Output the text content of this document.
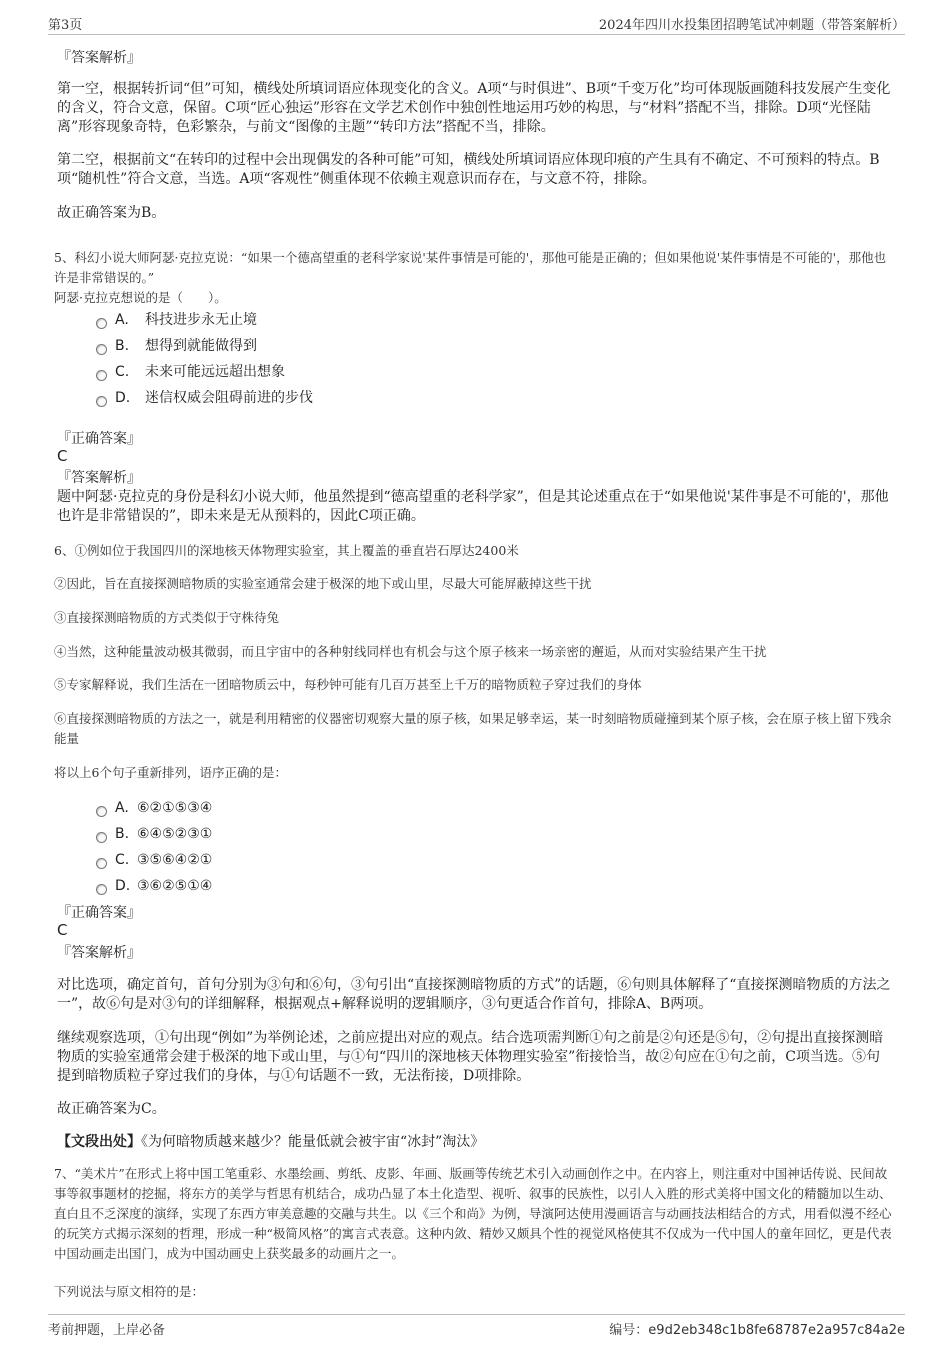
第3页	2024年四川水投集团招聘笔试冲刺题（带答案解析）
『答案解析』
第一空，根据转折词“但”可知，横线处所填词语应体现变化的含义。A项“与时俱进”、B项“千变万化”均可体现版画随科技发展产生变化的含义，符合文意，保留。C项“匠心独运”形容在文学艺术创作中独创性地运用巧妙的构思，与“材料”搭配不当，排除。D项“光怪陆离”形容现象奇特，色彩繁杂，与前文“图像的主题”“转印方法”搭配不当，排除。
第二空，根据前文“在转印的过程中会出现偶发的各种可能”可知，横线处所填词语应体现印痕的产生具有不确定、不可预料的特点。B项“随机性”符合文意，当选。A项“客观性”侧重体现不依赖主观意识而存在，与文意不符，排除。
故正确答案为B。
5、科幻小说大师阿瑟·克拉克说：“如果一个德高望重的老科学家说'某件事情是可能的'，那他可能是正确的；但如果他说'某件事情是不可能的'，那他也许是非常错误的。”
阿瑟·克拉克想说的是（　　）。
A.	科技进步永无止境
B.	想得到就能做得到
C.	未来可能远远超出想象
D.	迷信权威会阻碍前进的步伐
『正确答案』
C
『答案解析』
题中阿瑟·克拉克的身份是科幻小说大师，他虽然提到“德高望重的老科学家”，但是其论述重点在于“如果他说'某件事是不可能的'，那他也许是非常错误的”，即未来是无从预料的，因此C项正确。
6、①例如位于我国四川的深地核天体物理实验室，其上覆盖的垂直岩石厚达2400米
②因此，旨在直接探测暗物质的实验室通常会建于极深的地下或山里，尽最大可能屏蔽掉这些干扰
③直接探测暗物质的方式类似于守株待兔
④当然，这种能量波动极其微弱，而且宇宙中的各种射线同样也有机会与这个原子核来一场亲密的邂逅，从而对实验结果产生干扰
⑤专家解释说，我们生活在一团暗物质云中，每秒钟可能有几百万甚至上千万的暗物质粒子穿过我们的身体
⑥直接探测暗物质的方法之一，就是利用精密的仪器密切观察大量的原子核，如果足够幸运，某一时刻暗物质碰撞到某个原子核，会在原子核上留下残余能量
将以上6个句子重新排列，语序正确的是：
A. ⑥②①⑤③④
B. ⑥④⑤②③①
C. ③⑤⑥④②①
D. ③⑥②⑤①④
『正确答案』
C
『答案解析』
对比选项，确定首句，首句分别为③句和⑥句，③句引出“直接探测暗物质的方式”的话题，⑥句则具体解释了“直接探测暗物质的方法之一”，故⑥句是对③句的详细解释，根据观点+解释说明的逻辑顺序，③句更适合作首句，排除A、B两项。
继续观察选项，①句出现“例如”为举例论述，之前应提出对应的观点。结合选项需判断①句之前是②句还是⑤句，②句提出直接探测暗物质的实验室通常会建于极深的地下或山里，与①句“四川的深地核天体物理实验室”衔接恰当，故②句应在①句之前，C项当选。⑤句提到暗物质粒子穿过我们的身体，与①句话题不一致，无法衔接，D项排除。
故正确答案为C。
【文段出处】《为何暗物质越来越少？能量低就会被宇宙“冰封”淘汰》
7、“美术片”在形式上将中国工笔重彩、水墨绘画、剪纸、皮影、年画、版画等传统艺术引入动画创作之中。在内容上，则注重对中国神话传说、民间故事等叙事题材的挖掘，将东方的美学与哲思有机结合，成功凸显了本土化造型、视听、叙事的民族性，以引人入胜的形式美将中国文化的精髓加以生动、直白且不乏深度的演绎，实现了东西方审美意趣的交融与共生。以《三个和尚》为例，导演阿达使用漫画语言与动画技法相结合的方式，用看似漫不经心的玩笑方式揭示深刻的哲理，形成一种“极简风格”的寓言式表意。这种内敛、精妙又颇具个性的视觉风格使其不仅成为一代中国人的童年回忆，更是代表中国动画走出国门，成为中国动画史上获奖最多的动画片之一。
下列说法与原文相符的是：
考前押题，上岸必备	编号：e9d2eb348c1b8fe68787e2a957c84a2e
